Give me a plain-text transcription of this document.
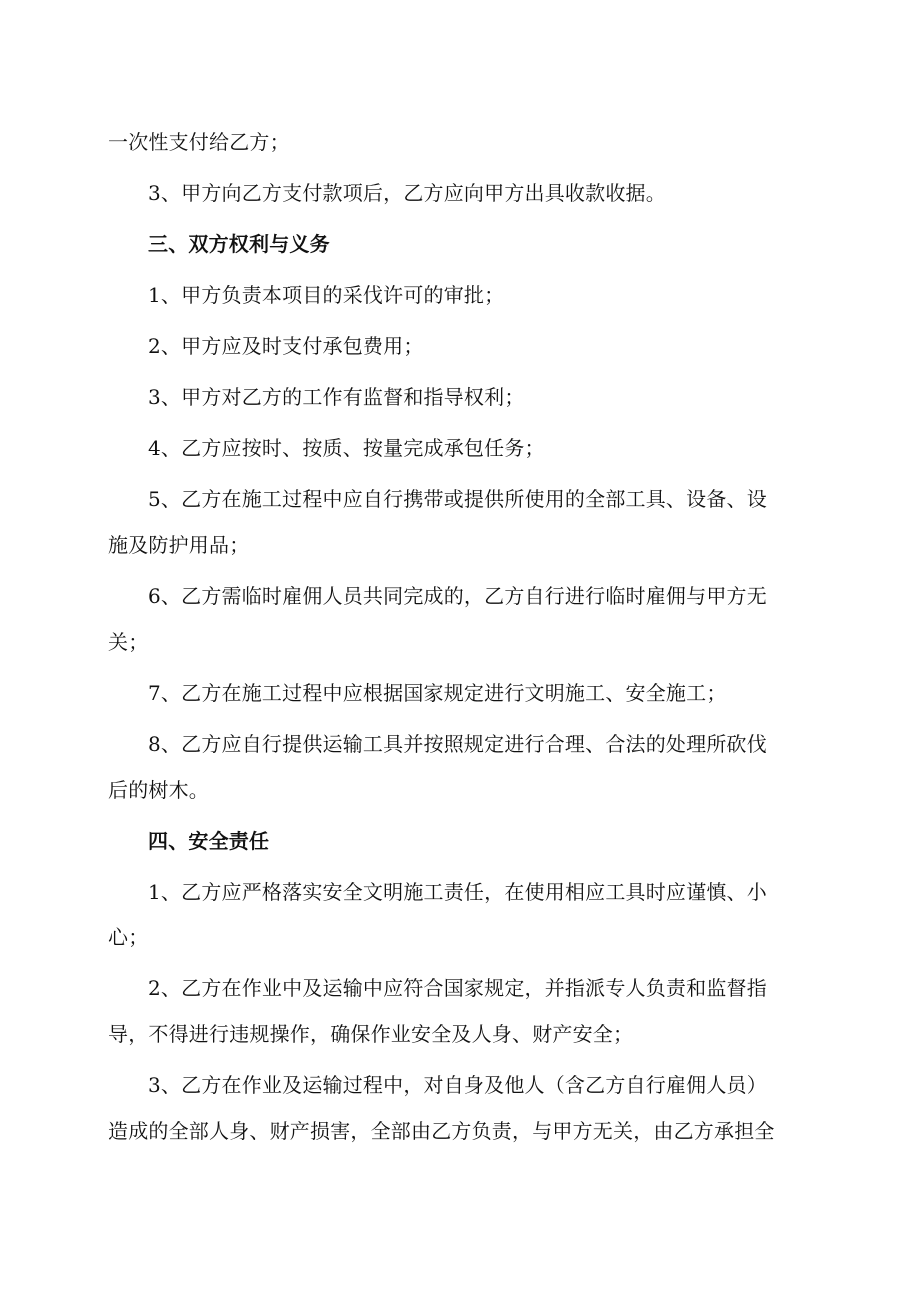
一次性支付给乙方；
3、甲方向乙方支付款项后，乙方应向甲方出具收款收据。
三、双方权利与义务
1、甲方负责本项目的采伐许可的审批；
2、甲方应及时支付承包费用；
3、甲方对乙方的工作有监督和指导权利；
4、乙方应按时、按质、按量完成承包任务；
5、乙方在施工过程中应自行携带或提供所使用的全部工具、设备、设
施及防护用品；
6、乙方需临时雇佣人员共同完成的，乙方自行进行临时雇佣与甲方无
关；
7、乙方在施工过程中应根据国家规定进行文明施工、安全施工；
8、乙方应自行提供运输工具并按照规定进行合理、合法的处理所砍伐
后的树木。
四、安全责任
1、乙方应严格落实安全文明施工责任，在使用相应工具时应谨慎、小
心；
2、乙方在作业中及运输中应符合国家规定，并指派专人负责和监督指
导，不得进行违规操作，确保作业安全及人身、财产安全；
3、乙方在作业及运输过程中，对自身及他人（含乙方自行雇佣人员）
造成的全部人身、财产损害，全部由乙方负责，与甲方无关，由乙方承担全
